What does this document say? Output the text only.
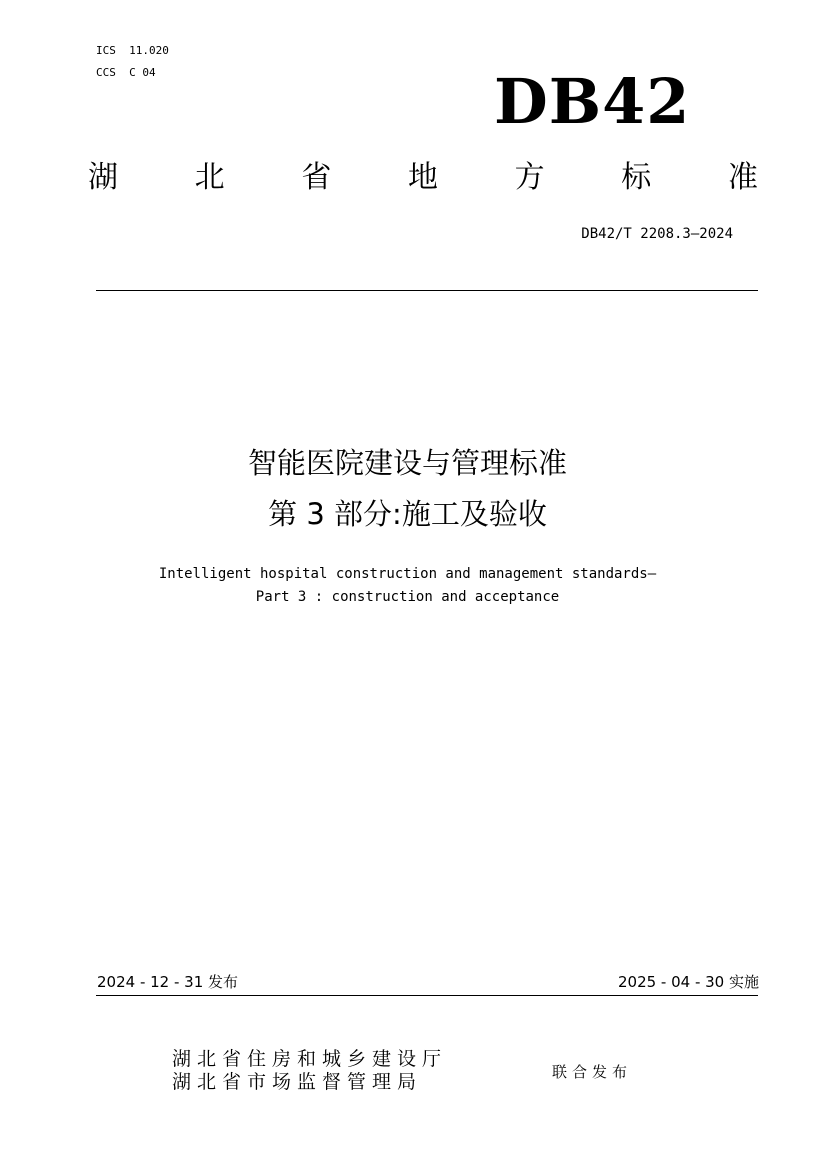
ICS  11.020
CCS  C 04	DB42
湖	北	省	地	方	标	准
DB42/T 2208.3—2024
智能医院建设与管理标准
第 3 部分:施工及验收
Intelligent hospital construction and management standards—
Part 3 : construction and acceptance
2024 - 12 - 31 发布	2025 - 04 - 30 实施
湖北省住房和城乡建设厅
湖北省市场监督管理局	联合发布
